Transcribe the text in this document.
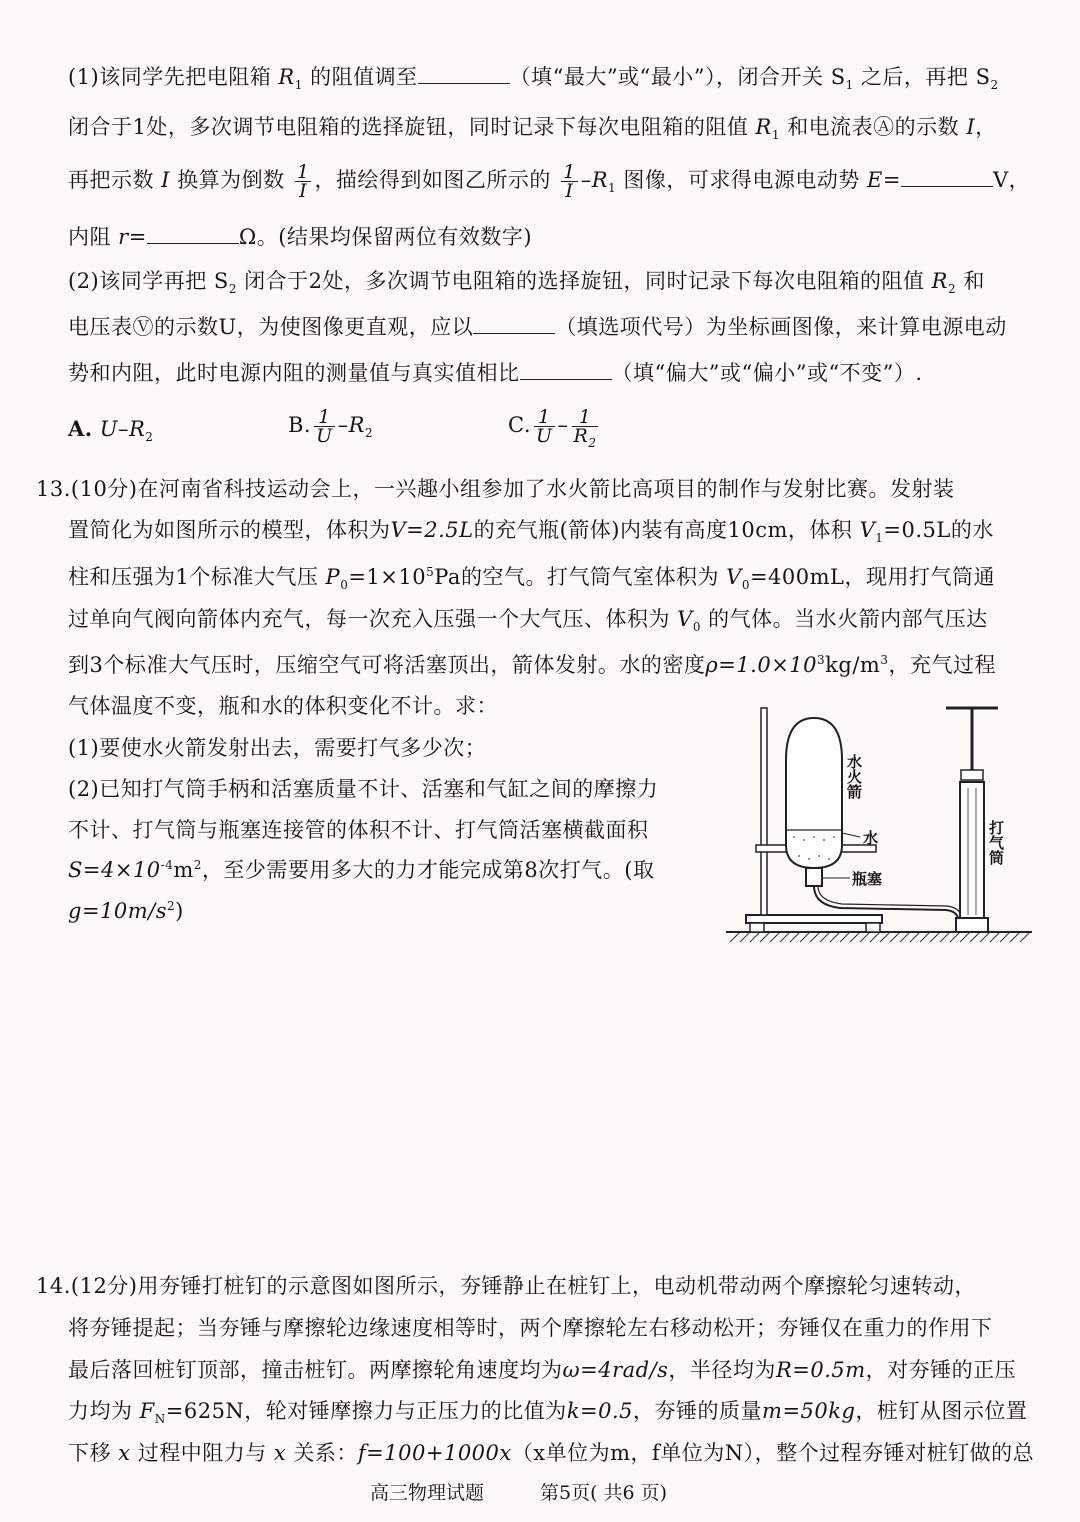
(1)该同学先把电阻箱 $R_1$ 的阻值调至	（填“最大”或“最小”），闭合开关 $S_1$ 之后，再把 $S_2$
闭合于1处，多次调节电阻箱的选择旋钮，同时记录下每次电阻箱的阻值 $R_1$ 和电流表Ⓐ的示数 I，
再把示数 I 换算为倒数 $\frac{1}{I}$ ，描绘得到如图乙所示的 $\frac{1}{I} -R_1$ 图像，可求得电源电动势 E=	V，
内阻 r=	Ω。(结果均保留两位有效数字)
(2)该同学再把 $S_2$ 闭合于2处，多次调节电阻箱的选择旋钮，同时记录下每次电阻箱的阻值 $R_2$ 和
电压表Ⓥ的示数U，为使图像更直观，应以	（填选项代号）为坐标画图像，来计算电源电动
势和内阻，此时电源内阻的测量值与真实值相比	（填“偏大”或“偏小”或“不变”）.
A. $U-R_2$
B. $\frac{1}{U} -R_2$	C. $\frac{1}{U} - \frac{1}{R_2}$
13.(10分)在河南省科技运动会上，一兴趣小组参加了水火箭比高项目的制作与发射比赛。发射装
置简化为如图所示的模型，体积为V=2.5L的充气瓶(箭体)内装有高度10cm，体积 $V_1=0.5L$的水
柱和压强为1个标准大气压 $P_0=1\times 10^5Pa$的空气。打气筒气室体积为 $V_0=400mL$，现用打气筒通
过单向气阀向箭体内充气，每一次充入压强一个大气压、体积为 $V_0$ 的气体。当水火箭内部气压达
到3个标准大气压时，压缩空气可将活塞顶出，箭体发射。水的密度$\rho=1.0\times 10^3kg/m^3$，充气过程
气体温度不变，瓶和水的体积变化不计。求：
(1)要使水火箭发射出去，需要打气多少次；
(2)已知打气筒手柄和活塞质量不计、活塞和气缸之间的摩擦力
不计、打气筒与瓶塞连接管的体积不计、打气筒活塞横截面积
$S=4\times 10^{-4}m^2$，至少需要用多大的力才能完成第8次打气。(取
$g=10m/s^2$)
水火箭
水
瓶塞
打气筒
14.(12分)用夯锤打桩钉的示意图如图所示，夯锤静止在桩钉上，电动机带动两个摩擦轮匀速转动，
将夯锤提起；当夯锤与摩擦轮边缘速度相等时，两个摩擦轮左右移动松开；夯锤仅在重力的作用下
最后落回桩钉顶部，撞击桩钉。两摩擦轮角速度均为ω=4rad/s，半径均为R=0.5m，对夯锤的正压
力均为 $F_N=625N$，轮对锤摩擦力与正压力的比值为k=0.5，夯锤的质量m=50kg，桩钉从图示位置
下移 x 过程中阻力与 x 关系：f=100+1000x（x单位为m，f单位为N），整个过程夯锤对桩钉做的总
高三物理试题	第5页( 共6 页)
